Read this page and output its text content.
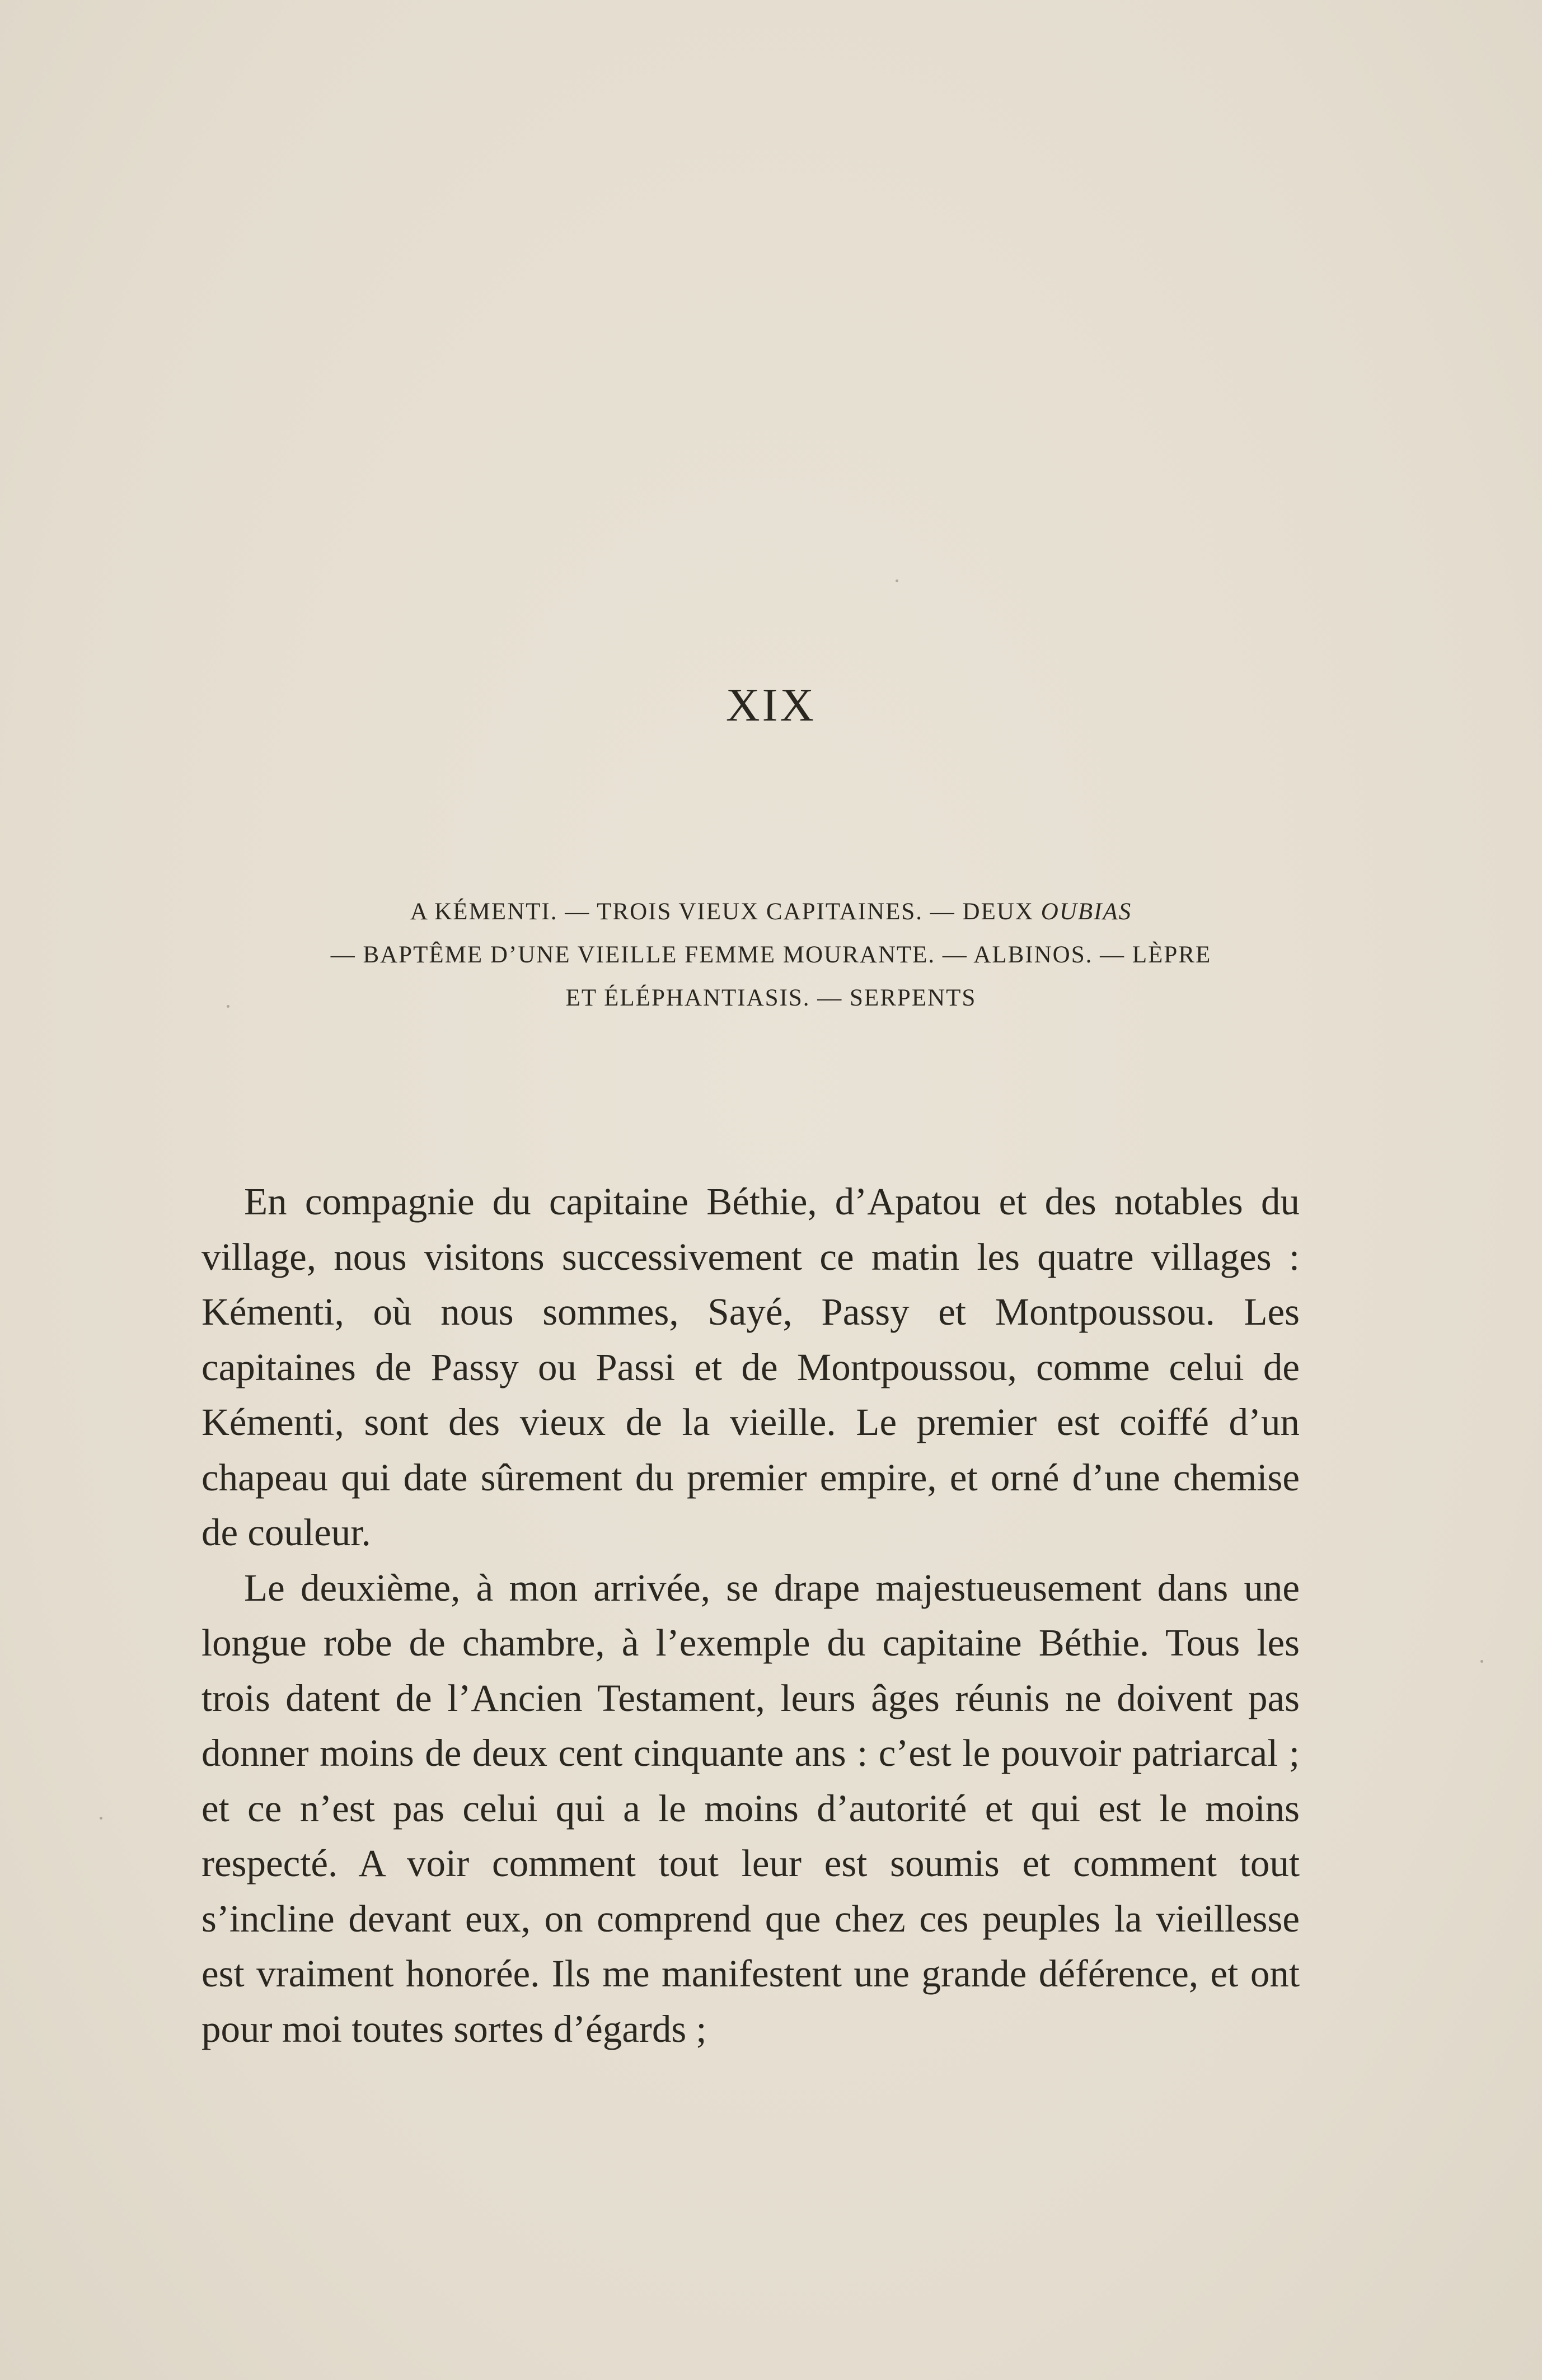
XIX
A KÉMENTI. — TROIS VIEUX CAPITAINES. — DEUX OUBIAS
— BAPTÊME D’UNE VIEILLE FEMME MOURANTE. — ALBINOS. — LÈPRE
ET ÉLÉPHANTIASIS. — SERPENTS

En compagnie du capitaine Béthie, d’Apatou et des notables du village, nous visitons successivement ce matin les quatre villages : Kémenti, où nous sommes, Sayé, Passy et Montpoussou. Les capitaines de Passy ou Passi et de Montpoussou, comme celui de Kémenti, sont des vieux de la vieille. Le premier est coiffé d’un chapeau qui date sûrement du premier empire, et orné d’une chemise de couleur.

Le deuxième, à mon arrivée, se drape majestueusement dans une longue robe de chambre, à l’exemple du capitaine Béthie. Tous les trois datent de l’Ancien Testament, leurs âges réunis ne doivent pas donner moins de deux cent cinquante ans : c’est le pouvoir patriarcal ; et ce n’est pas celui qui a le moins d’autorité et qui est le moins respecté. A voir comment tout leur est soumis et comment tout s’incline devant eux, on comprend que chez ces peuples la vieillesse est vraiment honorée. Ils me manifestent une grande déférence, et ont pour moi toutes sortes d’égards ;
